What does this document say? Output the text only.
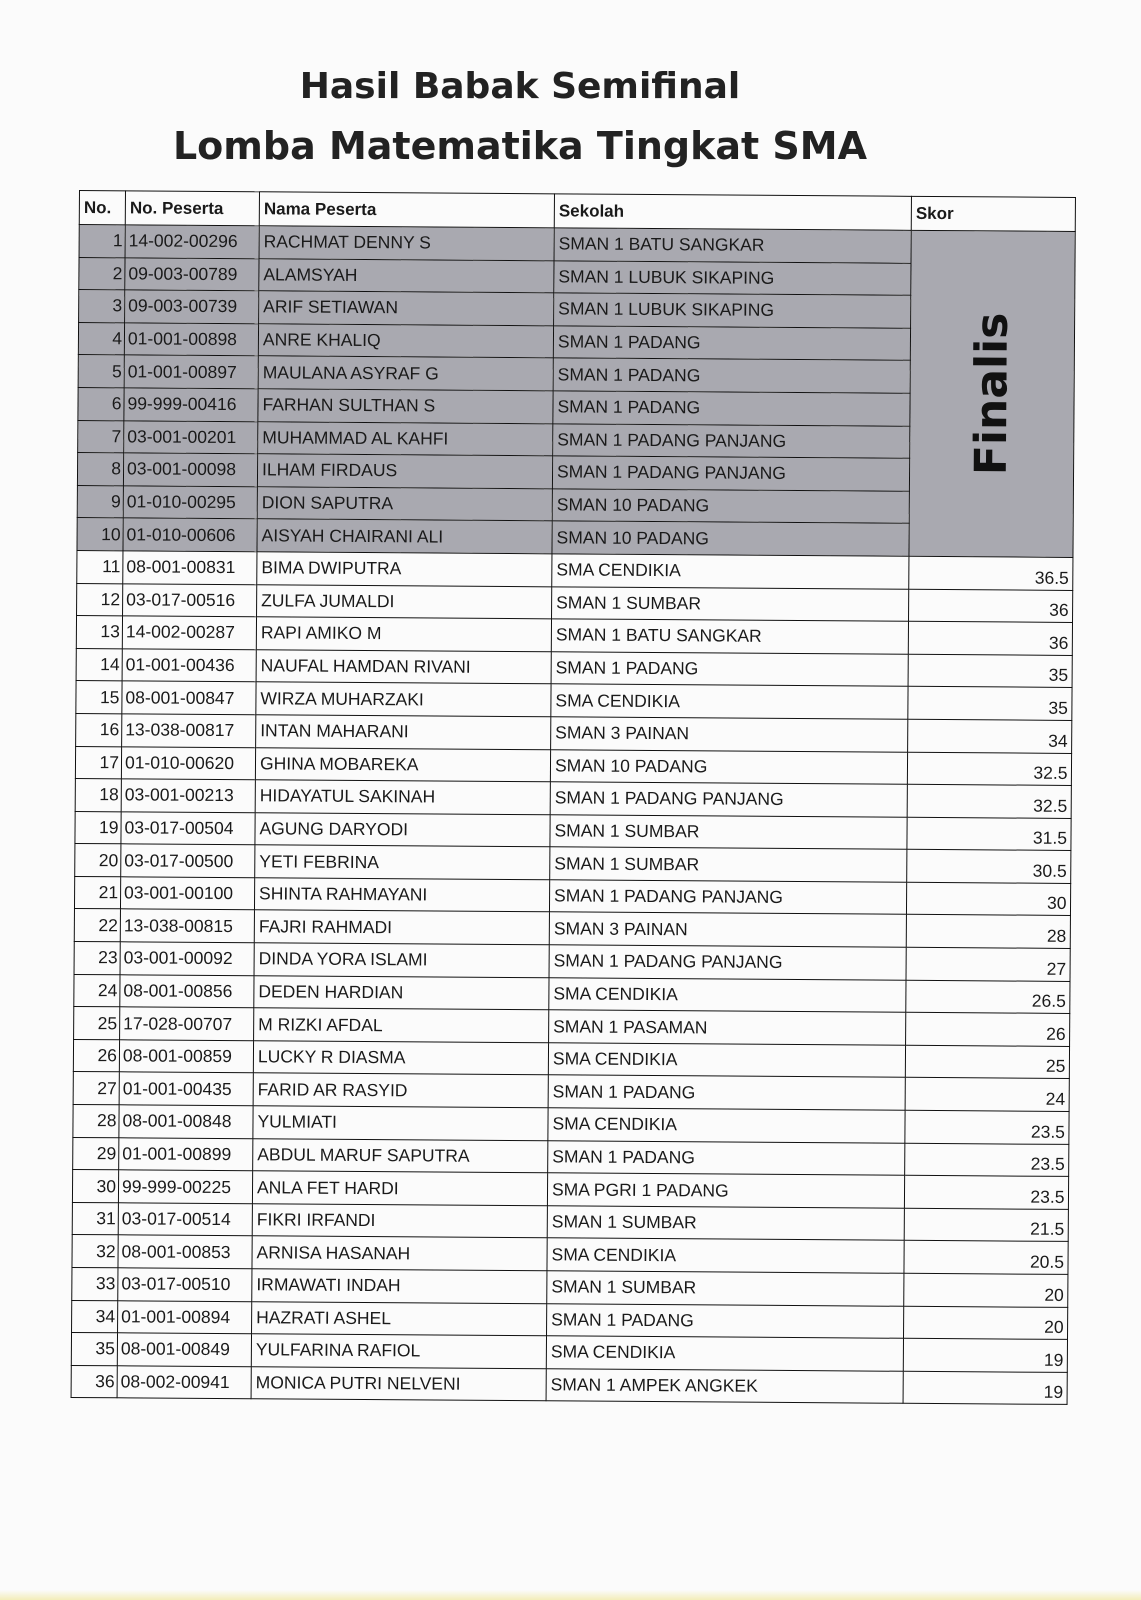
Hasil Babak Semifinal
Lomba Matematika Tingkat SMA
No.	No. Peserta	Nama Peserta	Sekolah	Skor
1	14-002-00296	RACHMAT DENNY S	SMAN 1 BATU SANGKAR	Finalis
2	09-003-00789	ALAMSYAH	SMAN 1 LUBUK SIKAPING	
3	09-003-00739	ARIF SETIAWAN	SMAN 1 LUBUK SIKAPING	
4	01-001-00898	ANRE KHALIQ	SMAN 1 PADANG	
5	01-001-00897	MAULANA ASYRAF G	SMAN 1 PADANG	
6	99-999-00416	FARHAN SULTHAN S	SMAN 1 PADANG	
7	03-001-00201	MUHAMMAD AL KAHFI	SMAN 1 PADANG PANJANG	
8	03-001-00098	ILHAM FIRDAUS	SMAN 1 PADANG PANJANG	
9	01-010-00295	DION SAPUTRA	SMAN 10 PADANG	
10	01-010-00606	AISYAH CHAIRANI ALI	SMAN 10 PADANG	
11	08-001-00831	BIMA DWIPUTRA	SMA CENDIKIA	36.5
12	03-017-00516	ZULFA JUMALDI	SMAN 1 SUMBAR	36
13	14-002-00287	RAPI AMIKO M	SMAN 1 BATU SANGKAR	36
14	01-001-00436	NAUFAL HAMDAN RIVANI	SMAN 1 PADANG	35
15	08-001-00847	WIRZA MUHARZAKI	SMA CENDIKIA	35
16	13-038-00817	INTAN MAHARANI	SMAN 3 PAINAN	34
17	01-010-00620	GHINA MOBAREKA	SMAN 10 PADANG	32.5
18	03-001-00213	HIDAYATUL SAKINAH	SMAN 1 PADANG PANJANG	32.5
19	03-017-00504	AGUNG DARYODI	SMAN 1 SUMBAR	31.5
20	03-017-00500	YETI FEBRINA	SMAN 1 SUMBAR	30.5
21	03-001-00100	SHINTA RAHMAYANI	SMAN 1 PADANG PANJANG	30
22	13-038-00815	FAJRI RAHMADI	SMAN 3 PAINAN	28
23	03-001-00092	DINDA YORA ISLAMI	SMAN 1 PADANG PANJANG	27
24	08-001-00856	DEDEN HARDIAN	SMA CENDIKIA	26.5
25	17-028-00707	M RIZKI AFDAL	SMAN 1 PASAMAN	26
26	08-001-00859	LUCKY R DIASMA	SMA CENDIKIA	25
27	01-001-00435	FARID AR RASYID	SMAN 1 PADANG	24
28	08-001-00848	YULMIATI	SMA CENDIKIA	23.5
29	01-001-00899	ABDUL MARUF SAPUTRA	SMAN 1 PADANG	23.5
30	99-999-00225	ANLA FET HARDI	SMA PGRI 1 PADANG	23.5
31	03-017-00514	FIKRI IRFANDI	SMAN 1 SUMBAR	21.5
32	08-001-00853	ARNISA HASANAH	SMA CENDIKIA	20.5
33	03-017-00510	IRMAWATI INDAH	SMAN 1 SUMBAR	20
34	01-001-00894	HAZRATI ASHEL	SMAN 1 PADANG	20
35	08-001-00849	YULFARINA RAFIOL	SMA CENDIKIA	19
36	08-002-00941	MONICA PUTRI NELVENI	SMAN 1 AMPEK ANGKEK	19
